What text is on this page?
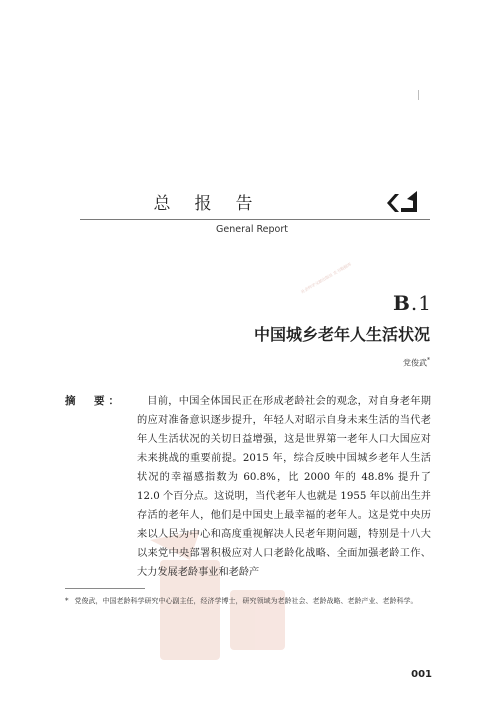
总报告
General Report
社会科学文献出版社 皮书数据库
B.1
中国城乡老年人生活状况
党俊武*
摘　要：	目前，中国全体国民正在形成老龄社会的观念，对自身老年期的应对准备意识逐步提升，年轻人对昭示自身未来生活的当代老年人生活状况的关切日益增强，这是世界第一老年人口大国应对未来挑战的重要前提。2015 年，综合反映中国城乡老年人生活状况的幸福感指数为 60.8%，比 2000 年的 48.8% 提升了 12.0 个百分点。这说明，当代老年人也就是 1955 年以前出生并存活的老年人，他们是中国史上最幸福的老年人。这是党中央历来以人民为中心和高度重视解决人民老年期问题，特别是十八大以来党中央部署积极应对人口老龄化战略、全面加强老龄工作、大力发展老龄事业和老龄产
* 党俊武，中国老龄科学研究中心副主任，经济学博士，研究领域为老龄社会、老龄战略、老龄产业、老龄科学。
001
